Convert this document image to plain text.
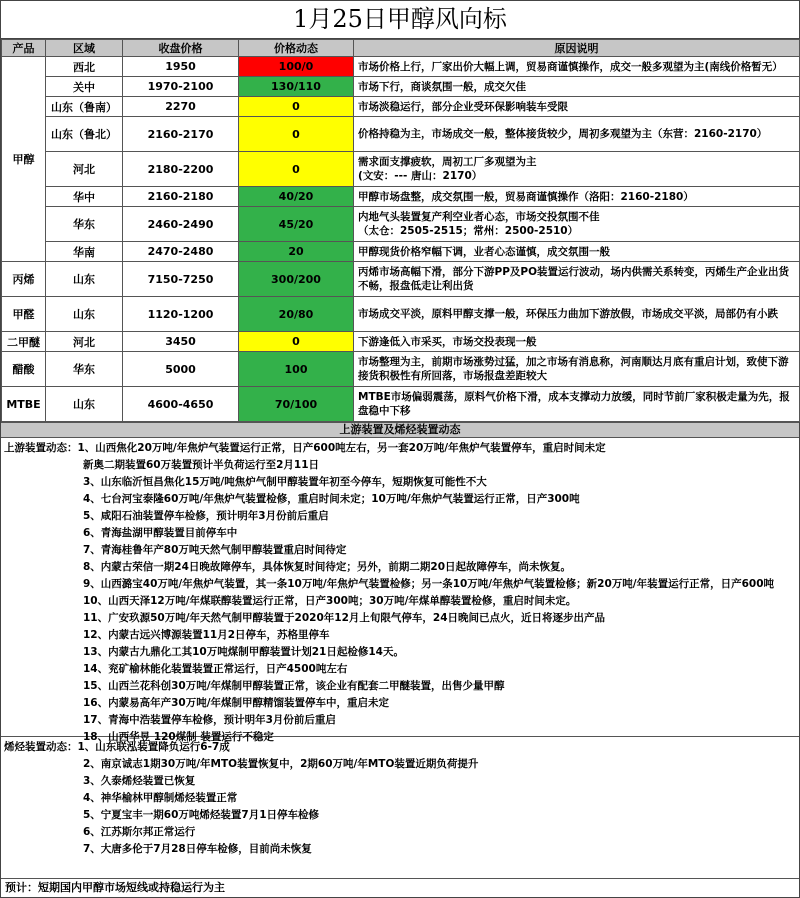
1月25日甲醇风向标
产品	区域	收盘价格	价格动态	原因说明
甲醇	西北	1950	100/0	市场价格上行，厂家出价大幅上调，贸易商谨慎操作，成交一般多观望为主(南线价格暂无）
	关中	1970-2100	130/110	市场下行，商谈氛围一般，成交欠佳
	山东（鲁南）	2270	0	市场淡稳运行，部分企业受环保影响装车受限
	山东（鲁北）	2160-2170	0	价格持稳为主，市场成交一般，整体接货较少，周初多观望为主（东营：2160-2170）
	河北	2180-2200	0	需求面支撑疲软，周初工厂多观望为主
(文安：--- 唐山：2170）
	华中	2160-2180	40/20	甲醇市场盘整，成交氛围一般，贸易商谨慎操作（洛阳：2160-2180）
	华东	2460-2490	45/20	内地气头装置复产利空业者心态，市场交投氛围不佳
（太仓：2505-2515；常州：2500-2510）
	华南	2470-2480	20	甲醇现货价格窄幅下调，业者心态谨慎，成交氛围一般
丙烯	山东	7150-7250	300/200	丙烯市场高幅下滑，部分下游PP及PO装置运行波动，场内供需关系转变，丙烯生产企业出货不畅，报盘低走让利出货
甲醛	山东	1120-1200	20/80	市场成交平淡，原料甲醇支撑一般，环保压力曲加下游放假，市场成交平淡，局部仍有小跌
二甲醚	河北	3450	0	下游逢低入市采买，市场交投表现一般
醋酸	华东	5000	100	市场整理为主，前期市场涨势过猛，加之市场有消息称，河南顺达月底有重启计划，致使下游接货积极性有所回落，市场报盘差距较大
MTBE	山东	4600-4650	70/100	MTBE市场偏弱震荡，原料气价格下滑，成本支撑动力放缓，同时节前厂家积极走量为先，报盘稳中下移
上游装置及烯烃装置动态
上游装置动态：1、山西焦化20万吨/年焦炉气装置运行正常，日产600吨左右，另一套20万吨/年焦炉气装置停车，重启时间未定
新奥二期装置60万装置预计半负荷运行至2月11日
3、山东临沂恒昌焦化15万吨/吨焦炉气制甲醇装置年初至今停车，短期恢复可能性不大
4、七台河宝泰隆60万吨/年焦炉气装置检修，重启时间未定；10万吨/年焦炉气装置运行正常，日产300吨
5、咸阳石油装置停车检修，预计明年3月份前后重启
6、青海盐湖甲醇装置目前停车中
7、青海桂鲁年产80万吨天然气制甲醇装置重启时间待定
8、内蒙古荣信一期24日晚故障停车，具体恢复时间待定；另外，前期二期20日起故障停车，尚未恢复。
9、山西潞宝40万吨/年焦炉气装置，其一条10万吨/年焦炉气装置检修；另一条10万吨/年焦炉气装置检修；新20万吨/年装置运行正常，日产600吨
10、山西天泽12万吨/年煤联醇装置运行正常，日产300吨；30万吨/年煤单醇装置检修，重启时间未定。
11、广安玖源50万吨/年天然气制甲醇装置于2020年12月上旬限气停车，24日晚间已点火，近日将逐步出产品
12、内蒙古远兴博源装置11月2日停车，苏格里停车
13、内蒙古九鼎化工其10万吨煤制甲醇装置计划21日起检修14天。
14、兖矿榆林能化装置装置正常运行，日产4500吨左右
15、山西兰花科创30万吨/年煤制甲醇装置正常，该企业有配套二甲醚装置，出售少量甲醇
16、内蒙易高年产30万吨/年煤制甲醇精馏装置停车中，重启未定
17、青海中浩装置停车检修，预计明年3月份前后重启
18、山西华昱 120煤制 装置运行不稳定
烯烃装置动态：1、山东联泓装置降负运行6-7成
2、南京诚志1期30万吨/年MTO装置恢复中，2期60万吨/年MTO装置近期负荷提升
3、久泰烯烃装置已恢复
4、神华榆林甲醇制烯烃装置正常
5、宁夏宝丰一期60万吨烯烃装置7月1日停车检修
6、江苏斯尔邦正常运行
7、大唐多伦于7月28日停车检修，目前尚未恢复
预计：短期国内甲醇市场短线或持稳运行为主
